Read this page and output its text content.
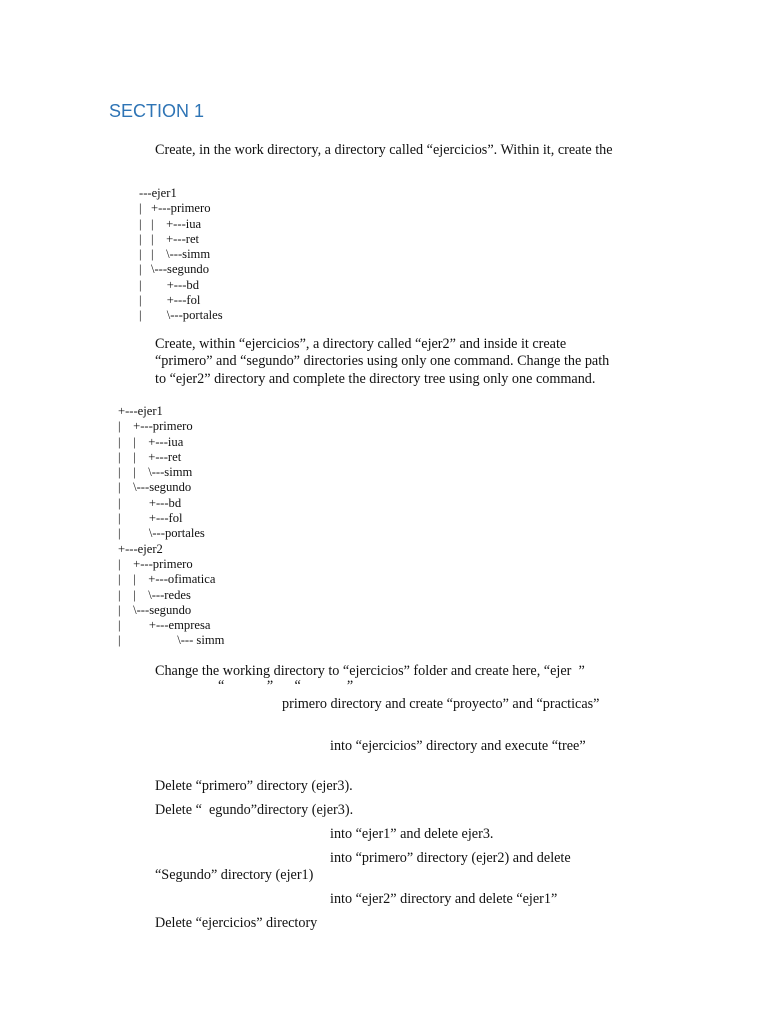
SECTION 1

Create, in the work directory, a directory called “ejercicios”. Within it, create the

---ejer1
|   +---primero
|   |    +---iua
|   |    +---ret
|   |    \---simm
|   \---segundo
|        +---bd
|        +---fol
|        \---portales
Create, within “ejercicios”, a directory called “ejer2” and inside it create
“primero” and “segundo” directories using only one command. Change the path
to “ejer2” directory and complete the directory tree using only one command.
+---ejer1
|    +---primero
|    |    +---iua
|    |    +---ret
|    |    \---simm
|    \---segundo
|         +---bd
|         +---fol
|         \---portales
+---ejer2
|    +---primero
|    |    +---ofimatica
|    |    \---redes
|    \---segundo
|         +---empresa
|                  \--- simm
Change the working directory to “ejercicios” folder and create here, “ejer  ”
“            ”      “             ”
primero directory and create “proyecto” and “practicas”
into “ejercicios” directory and execute “tree”
Delete “primero” directory (ejer3).
Delete “  egundo”directory (ejer3).
into “ejer1” and delete ejer3.
into “primero” directory (ejer2) and delete
“Segundo” directory (ejer1)
into “ejer2” directory and delete “ejer1”
Delete “ejercicios” directory
